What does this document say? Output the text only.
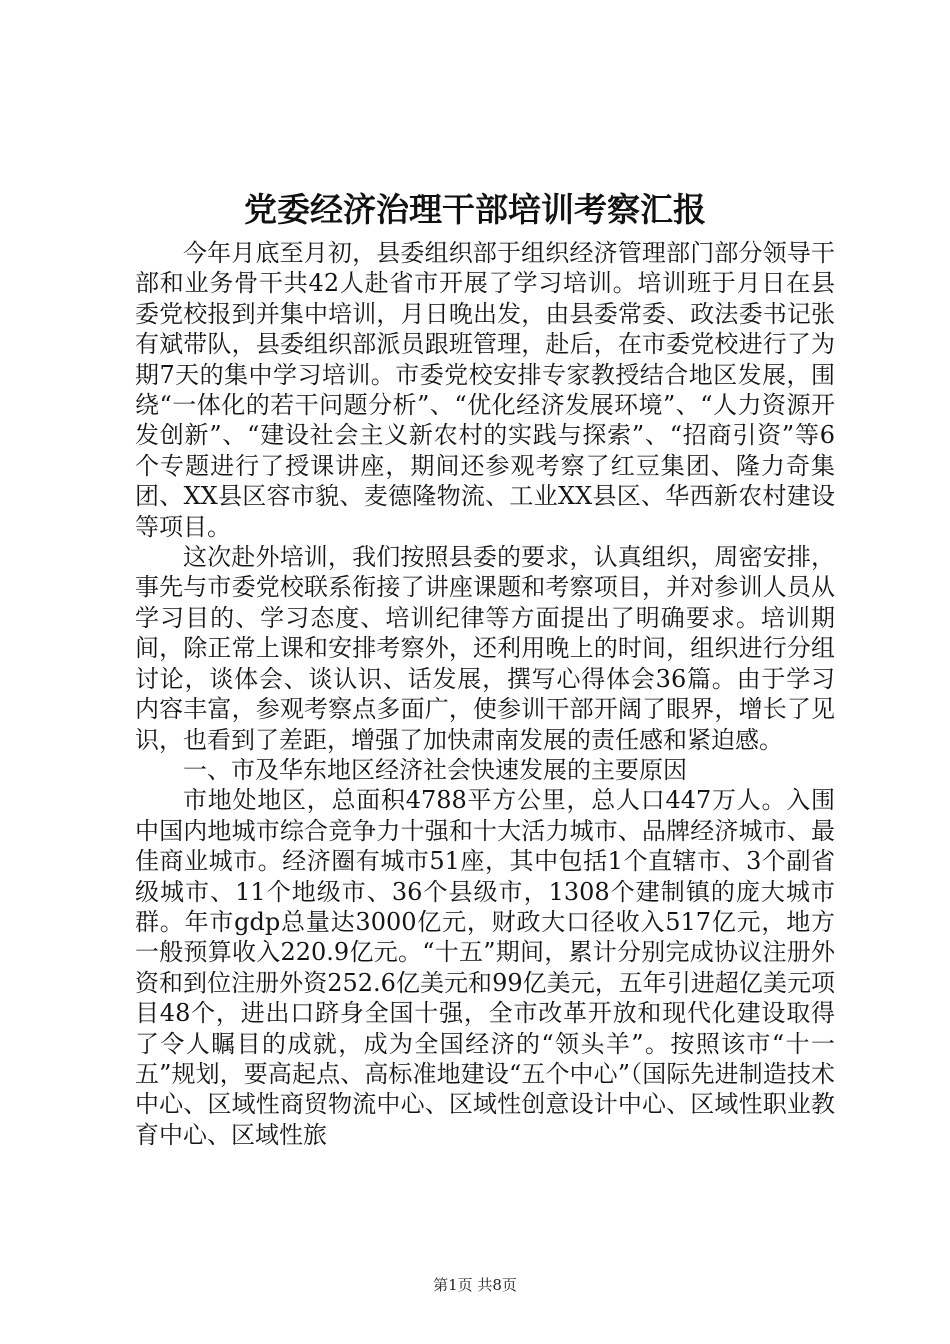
党委经济治理干部培训考察汇报

今年月底至月初，县委组织部于组织经济管理部门部分领导干部和业务骨干共42人赴省市开展了学习培训。培训班于月日在县委党校报到并集中培训，月日晚出发，由县委常委、政法委书记张有斌带队，县委组织部派员跟班管理，赴后，在市委党校进行了为期7天的集中学习培训。市委党校安排专家教授结合地区发展，围绕“一体化的若干问题分析”、“优化经济发展环境”、“人力资源开发创新”、“建设社会主义新农村的实践与探索”、“招商引资”等6个专题进行了授课讲座，期间还参观考察了红豆集团、隆力奇集团、XX县区容市貌、麦德隆物流、工业XX县区、华西新农村建设等项目。

这次赴外培训，我们按照县委的要求，认真组织，周密安排，事先与市委党校联系衔接了讲座课题和考察项目，并对参训人员从学习目的、学习态度、培训纪律等方面提出了明确要求。培训期间，除正常上课和安排考察外，还利用晚上的时间，组织进行分组讨论，谈体会、谈认识、话发展，撰写心得体会36篇。由于学习内容丰富，参观考察点多面广，使参训干部开阔了眼界，增长了见识，也看到了差距，增强了加快肃南发展的责任感和紧迫感。

一、市及华东地区经济社会快速发展的主要原因

市地处地区，总面积4788平方公里，总人口447万人。入围中国内地城市综合竞争力十强和十大活力城市、品牌经济城市、最佳商业城市。经济圈有城市51座，其中包括1个直辖市、3个副省级城市、11个地级市、36个县级市，1308个建制镇的庞大城市群。年市gdp总量达3000亿元，财政大口径收入517亿元，地方一般预算收入220.9亿元。“十五”期间，累计分别完成协议注册外资和到位注册外资252.6亿美元和99亿美元，五年引进超亿美元项目48个，进出口跻身全国十强，全市改革开放和现代化建设取得了令人瞩目的成就，成为全国经济的“领头羊”。按照该市“十一五”规划，要高起点、高标准地建设“五个中心”（国际先进制造技术中心、区域性商贸物流中心、区域性创意设计中心、区域性职业教育中心、区域性旅

第1页 共8页
